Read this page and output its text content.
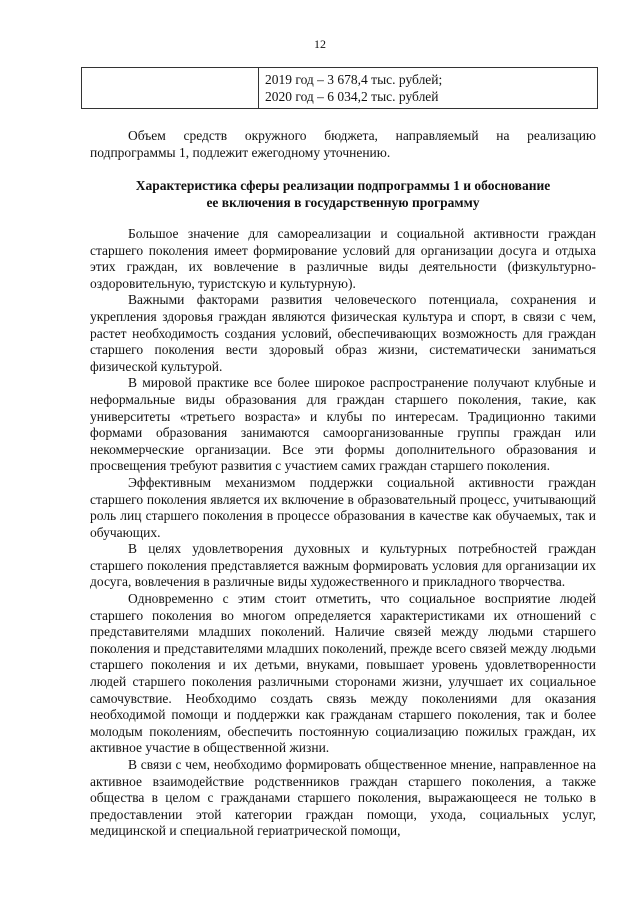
12

2019 год – 3 678,4 тыс. рублей;
2020 год – 6 034,2 тыс. рублей

Объем средств окружного бюджета, направляемый на реализацию подпрограммы 1, подлежит ежегодному уточнению.

Характеристика сферы реализации подпрограммы 1 и обоснование
ее включения в государственную программу

Большое значение для самореализации и социальной активности граждан старшего поколения имеет формирование условий для организации досуга и отдыха этих граждан, их вовлечение в различные виды деятельности (физкультурно-оздоровительную, туристскую и культурную).

Важными факторами развития человеческого потенциала, сохранения и укрепления здоровья граждан являются физическая культура и спорт, в связи с чем, растет необходимость создания условий, обеспечивающих возможность для граждан старшего поколения вести здоровый образ жизни, систематически заниматься физической культурой.

В мировой практике все более широкое распространение получают клубные и неформальные виды образования для граждан старшего поколения, такие, как университеты «третьего возраста» и клубы по интересам. Традиционно такими формами образования занимаются самоорганизованные группы граждан или некоммерческие организации. Все эти формы дополнительного образования и просвещения требуют развития с участием самих граждан старшего поколения.

Эффективным механизмом поддержки социальной активности граждан старшего поколения является их включение в образовательный процесс, учитывающий роль лиц старшего поколения в процессе образования в качестве как обучаемых, так и обучающих.

В целях удовлетворения духовных и культурных потребностей граждан старшего поколения представляется важным формировать условия для организации их досуга, вовлечения в различные виды художественного и прикладного творчества.

Одновременно с этим стоит отметить, что социальное восприятие людей старшего поколения во многом определяется характеристиками их отношений с представителями младших поколений. Наличие связей между людьми старшего поколения и представителями младших поколений, прежде всего связей между людьми старшего поколения и их детьми, внуками, повышает уровень удовлетворенности людей старшего поколения различными сторонами жизни, улучшает их социальное самочувствие. Необходимо создать связь между поколениями для оказания необходимой помощи и поддержки как гражданам старшего поколения, так и более молодым поколениям, обеспечить постоянную социализацию пожилых граждан, их активное участие в общественной жизни.

В связи с чем, необходимо формировать общественное мнение, направленное на активное взаимодействие родственников граждан старшего поколения, а также общества в целом с гражданами старшего поколения, выражающееся не только в предоставлении этой категории граждан помощи, ухода, социальных услуг, медицинской и специальной гериатрической помощи,
